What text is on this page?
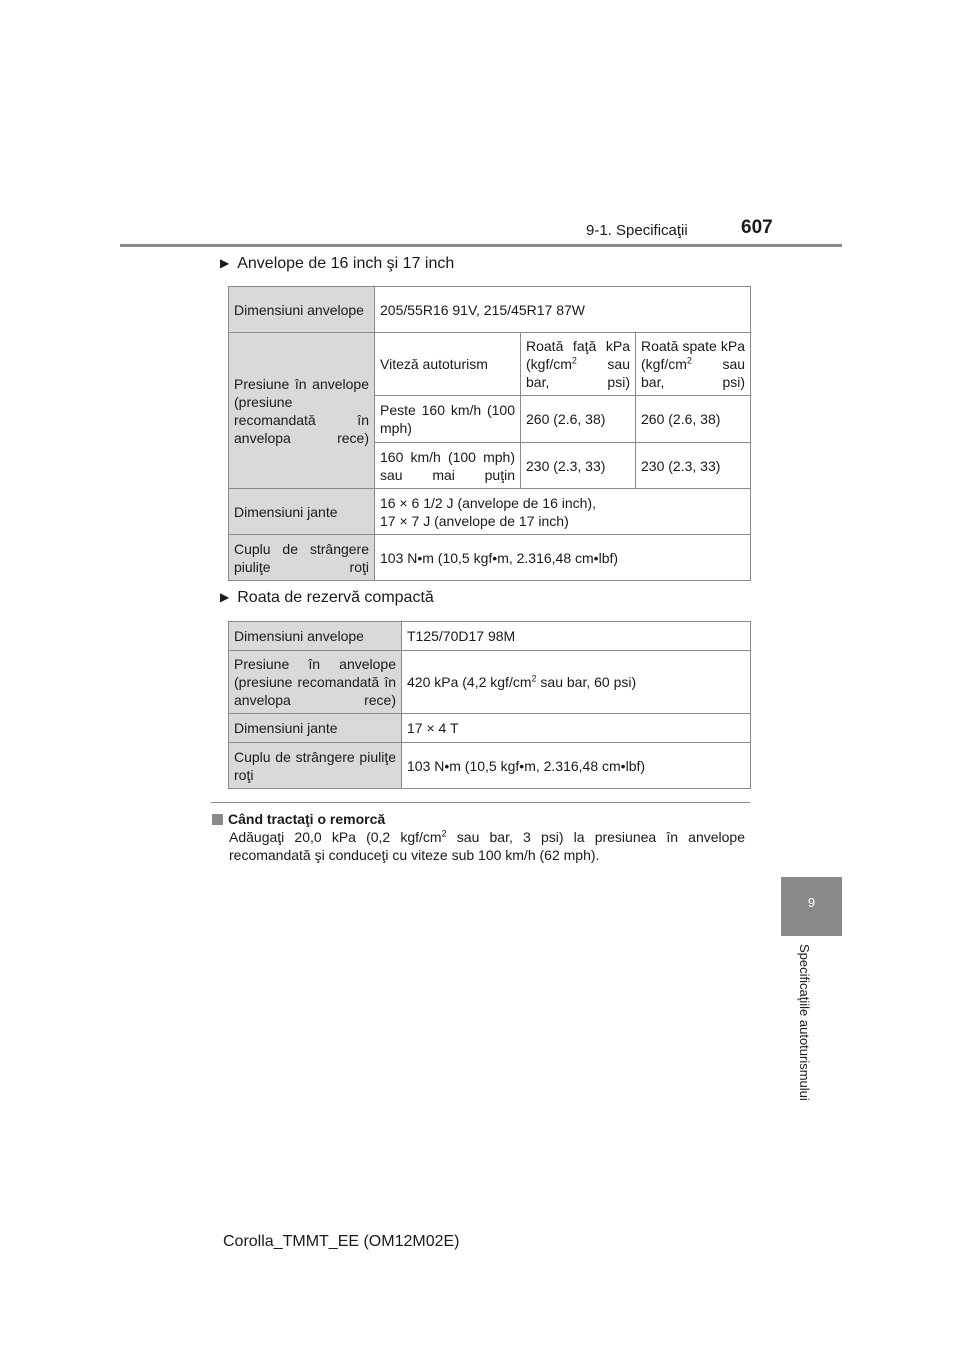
9-1. Specificaţii	607
9
Specificaţiile autoturismului
▶ Anvelope de 16 inch şi 17 inch
Dimensiuni anvelope	205/55R16 91V, 215/45R17 87W		
Presiune în anvelope (presiune recomandată în anvelopa rece)	Viteză autoturism	Roată faţă kPa ($kgf/cm^2$ sau bar, psi)	Roată spate kPa ($kgf/cm^2$ sau bar, psi)
	Peste 160 km/h (100 mph)	260 (2.6, 38)	260 (2.6, 38)
	160 km/h (100 mph) sau mai puţin	230 (2.3, 33)	230 (2.3, 33)
Dimensiuni jante	16 × 6 1/2 J (anvelope de 16 inch),
17 × 7 J (anvelope de 17 inch)		

Cuplu de strângere piuliţe roţi	103 N•m (10,5 kgf•m, 2.316,48 cm•lbf)		
▶ Roata de rezervă compactă
Dimensiuni anvelope	T125/70D17 98M
Presiune în anvelope (presiune recomandată în anvelopa rece)	420 kPa (4,2 kgf/$cm^2$ sau bar, 60 psi)
Dimensiuni jante	17 × 4 T
Cuplu de strângere piuliţe roţi	103 N•m (10,5 kgf•m, 2.316,48 cm•lbf)
Când tractaţi o remorcă
Adăugaţi 20,0 kPa (0,2 kgf/$cm^2$ sau bar, 3 psi) la presiunea în anvelope recomandată şi conduceţi cu viteze sub 100 km/h (62 mph).
Corolla_TMMT_EE (OM12M02E)
